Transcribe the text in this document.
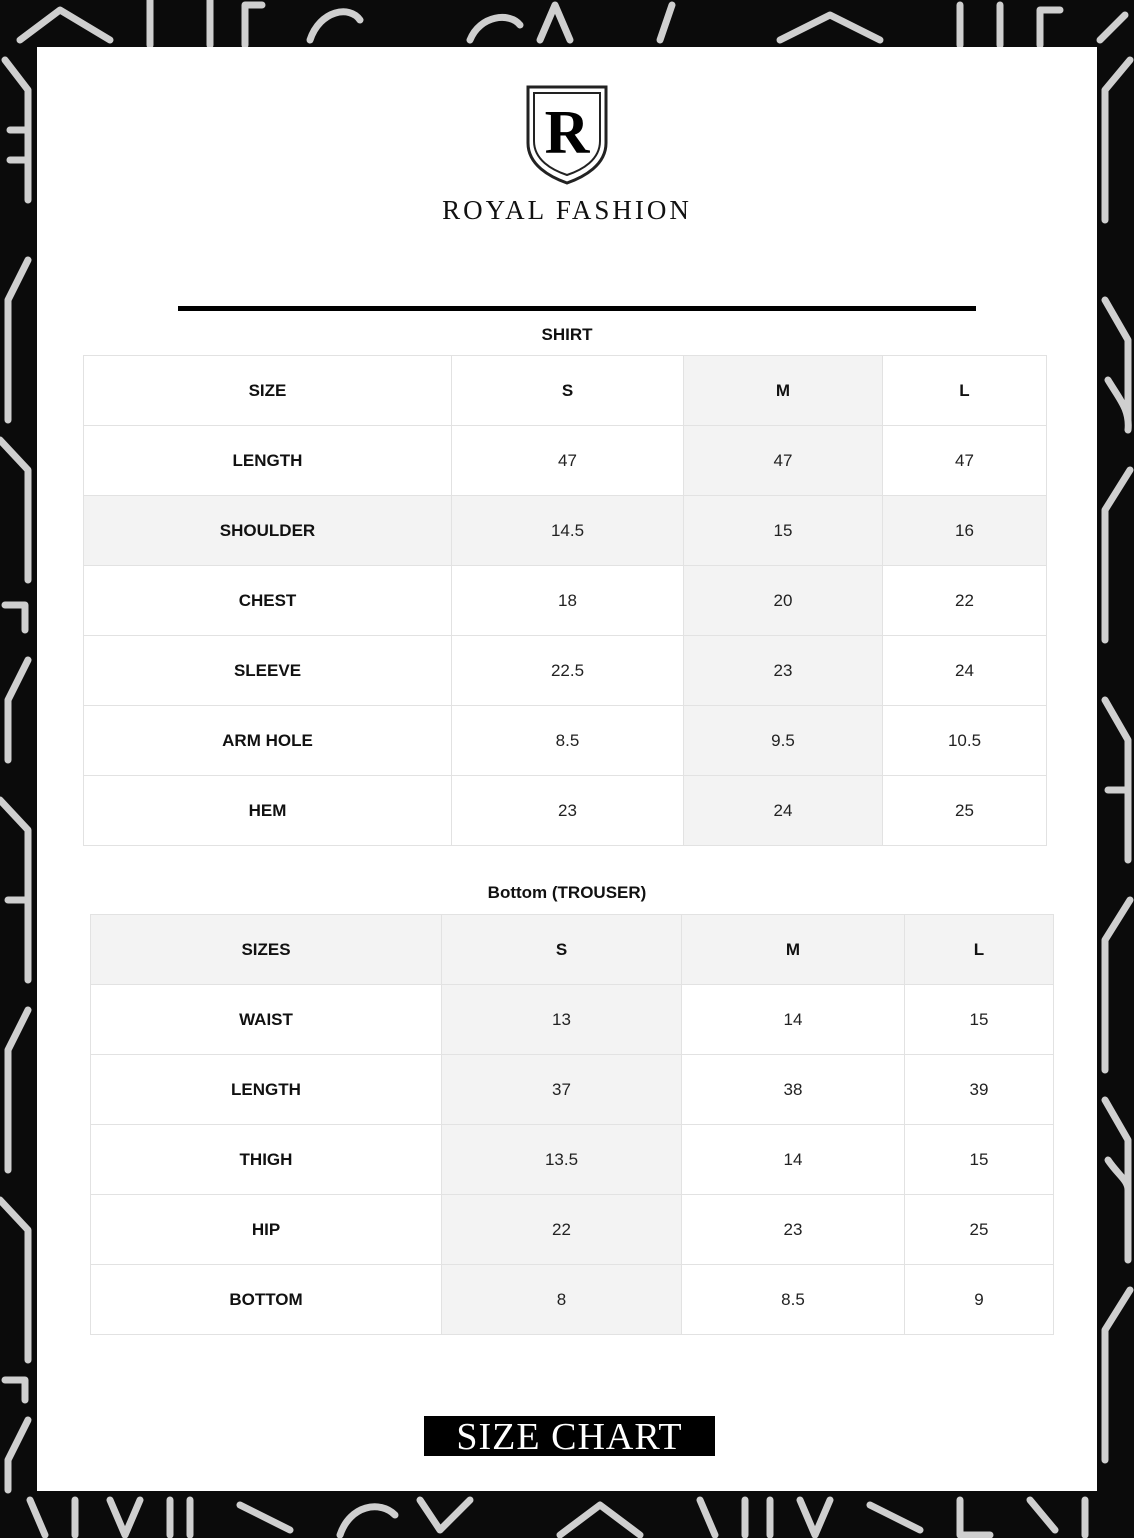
R
ROYAL FASHION
SHIRT
SIZE	S	M	L
LENGTH	47	47	47
SHOULDER	14.5	15	16
CHEST	18	20	22
SLEEVE	22.5	23	24
ARM HOLE	8.5	9.5	10.5
HEM	23	24	25
Bottom (TROUSER)
SIZES	S	M	L
WAIST	13	14	15
LENGTH	37	38	39
THIGH	13.5	14	15
HIP	22	23	25
BOTTOM	8	8.5	9
SIZE CHART
